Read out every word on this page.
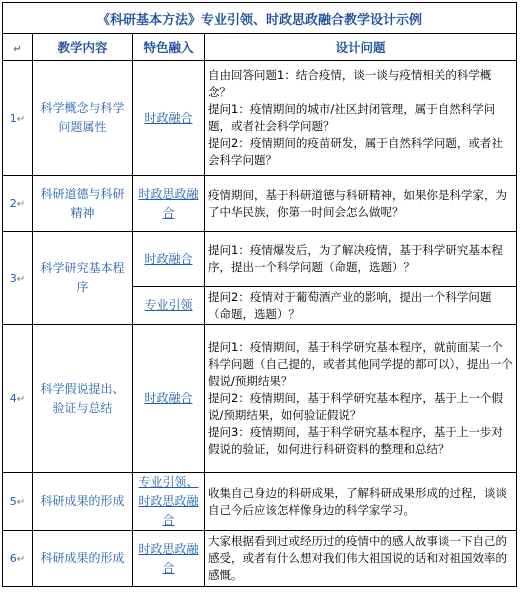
《科研基本方法》专业引领、时政思政融合教学设计示例			
↵	教学内容	特色融入	设计问题
1↵	科学概念与科学问题属性	时政融合	自由回答问题1：结合疫情，谈一谈与疫情相关的科学概念？

提问1：疫情期间的城市/社区封闭管理，属于自然科学问题，或者社会科学问题？

提问2：疫情期间的疫苗研发，属于自然科学问题，或者社会科学问题？

2↵	科研道德与科研精神	时政思政融合	疫情期间，基于科研道德与科研精神，如果你是科学家，为了中华民族，你第一时间会怎么做呢？

3↵	科学研究基本程序	时政融合	提问1：疫情爆发后，为了解决疫情，基于科学研究基本程序，提出一个科学问题（命题，选题）？

		专业引领	提问2：疫情对于葡萄酒产业的影响，提出一个科学问题（命题，选题）？

4↵	科学假说提出、验证与总结	时政融合	提问1：疫情期间，基于科学研究基本程序，就前面某一个科学问题（自己提的，或者其他同学提的都可以），提出一个假说/预期结果？

提问2：疫情期间，基于科学研究基本程序，基于上一个假说/预期结果，如何验证假说？

提问3：疫情期间，基于科学研究基本程序，基于上一步对假说的验证，如何进行科研资料的整理和总结？

5↵	科研成果的形成	专业引领、时政思政融合	收集自己身边的科研成果，了解科研成果形成的过程，谈谈自己今后应该怎样像身边的科学家学习。

6↵	科研成果的形成	时政思政融合	大家根据看到过或经历过的疫情中的感人故事谈一下自己的感受，或者有什么想对我们伟大祖国说的话和对祖国效率的感慨。
